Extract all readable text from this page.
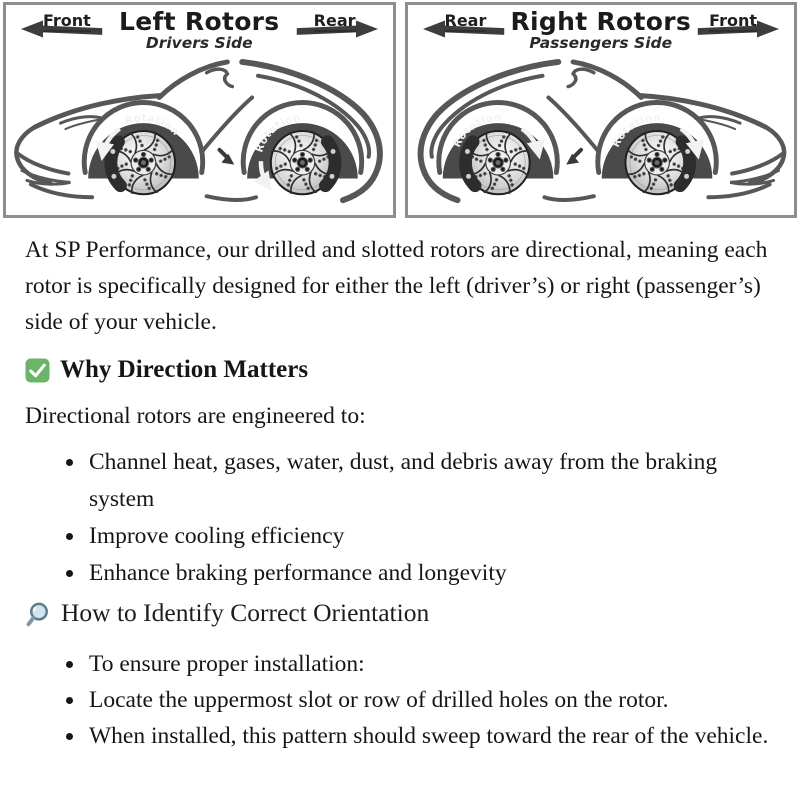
Front	Rear
Left Rotors
Drivers Side
Rotation
Rotation
Rear	Front
Right Rotors
Passengers Side
Rotation
Rotation

At SP Performance, our drilled and slotted rotors are directional, meaning each rotor is specifically designed for either the left (driver’s) or right (passenger’s) side of your vehicle.

Why Direction Matters

Directional rotors are engineered to:

• Channel heat, gases, water, dust, and debris away from the braking system
• Improve cooling efficiency
• Enhance braking performance and longevity
How to Identify Correct Orientation
• To ensure proper installation:
• Locate the uppermost slot or row of drilled holes on the rotor.
• When installed, this pattern should sweep toward the rear of the vehicle.
